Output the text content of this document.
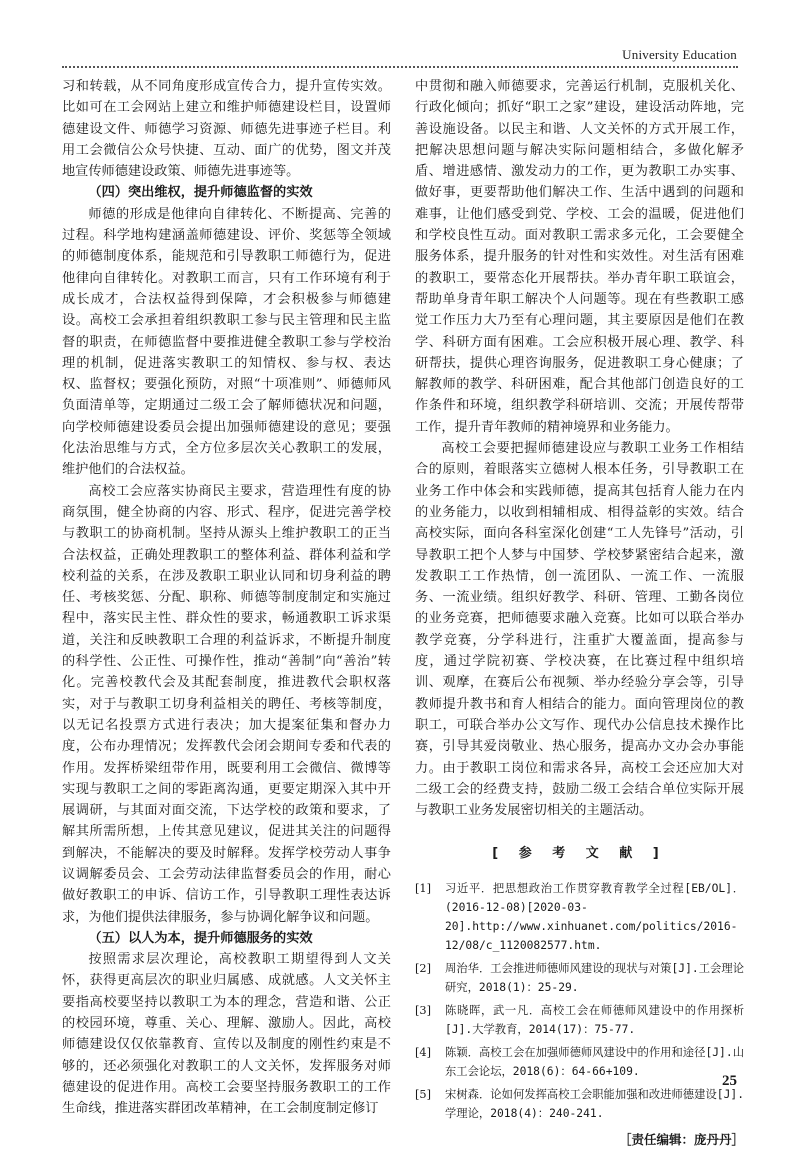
University Education

习和转载，从不同角度形成宣传合力，提升宣传实效。比如可在工会网站上建立和维护师德建设栏目，设置师德建设文件、师德学习资源、师德先进事迹子栏目。利用工会微信公众号快捷、互动、面广的优势，图文并茂地宣传师德建设政策、师德先进事迹等。

（四）突出维权，提升师德监督的实效

师德的形成是他律向自律转化、不断提高、完善的过程。科学地构建涵盖师德建设、评价、奖惩等全领域的师德制度体系，能规范和引导教职工师德行为，促进他律向自律转化。对教职工而言，只有工作环境有利于成长成才，合法权益得到保障，才会积极参与师德建设。高校工会承担着组织教职工参与民主管理和民主监督的职责，在师德监督中要推进健全教职工参与学校治理的机制，促进落实教职工的知情权、参与权、表达权、监督权；要强化预防，对照“十项准则”、师德师风负面清单等，定期通过二级工会了解师德状况和问题，向学校师德建设委员会提出加强师德建设的意见；要强化法治思维与方式，全方位多层次关心教职工的发展，维护他们的合法权益。

高校工会应落实协商民主要求，营造理性有度的协商氛围，健全协商的内容、形式、程序，促进完善学校与教职工的协商机制。坚持从源头上维护教职工的正当合法权益，正确处理教职工的整体利益、群体利益和学校利益的关系，在涉及教职工职业认同和切身利益的聘任、考核奖惩、分配、职称、师德等制度制定和实施过程中，落实民主性、群众性的要求，畅通教职工诉求渠道，关注和反映教职工合理的利益诉求，不断提升制度的科学性、公正性、可操作性，推动“善制”向“善治”转化。完善校教代会及其配套制度，推进教代会职权落实，对于与教职工切身利益相关的聘任、考核等制度，以无记名投票方式进行表决；加大提案征集和督办力度，公布办理情况；发挥教代会闭会期间专委和代表的作用。发挥桥梁纽带作用，既要利用工会微信、微博等实现与教职工之间的零距离沟通，更要定期深入其中开展调研，与其面对面交流，下达学校的政策和要求，了解其所需所想，上传其意见建议，促进其关注的问题得到解决，不能解决的要及时解释。发挥学校劳动人事争议调解委员会、工会劳动法律监督委员会的作用，耐心做好教职工的申诉、信访工作，引导教职工理性表达诉求，为他们提供法律服务，参与协调化解争议和问题。

（五）以人为本，提升师德服务的实效

按照需求层次理论，高校教职工期望得到人文关怀，获得更高层次的职业归属感、成就感。人文关怀主要指高校要坚持以教职工为本的理念，营造和谐、公正的校园环境，尊重、关心、理解、激励人。因此，高校师德建设仅仅依靠教育、宣传以及制度的刚性约束是不够的，还必须强化对教职工的人文关怀，发挥服务对师德建设的促进作用。高校工会要坚持服务教职工的工作生命线，推进落实群团改革精神，在工会制度制定修订

中贯彻和融入师德要求，完善运行机制，克服机关化、行政化倾向；抓好“职工之家”建设，建设活动阵地，完善设施设备。以民主和谐、人文关怀的方式开展工作，把解决思想问题与解决实际问题相结合，多做化解矛盾、增进感情、激发动力的工作，更为教职工办实事、做好事，更要帮助他们解决工作、生活中遇到的问题和难事，让他们感受到党、学校、工会的温暖，促进他们和学校良性互动。面对教职工需求多元化，工会要健全服务体系，提升服务的针对性和实效性。对生活有困难的教职工，要常态化开展帮扶。举办青年职工联谊会，帮助单身青年职工解决个人问题等。现在有些教职工感觉工作压力大乃至有心理问题，其主要原因是他们在教学、科研方面有困难。工会应积极开展心理、教学、科研帮扶，提供心理咨询服务，促进教职工身心健康；了解教师的教学、科研困难，配合其他部门创造良好的工作条件和环境，组织教学科研培训、交流；开展传帮带工作，提升青年教师的精神境界和业务能力。

高校工会要把握师德建设应与教职工业务工作相结合的原则，着眼落实立德树人根本任务，引导教职工在业务工作中体会和实践师德，提高其包括育人能力在内的业务能力，以收到相辅相成、相得益彰的实效。结合高校实际，面向各科室深化创建“工人先锋号”活动，引导教职工把个人梦与中国梦、学校梦紧密结合起来，激发教职工工作热情，创一流团队、一流工作、一流服务、一流业绩。组织好教学、科研、管理、工勤各岗位的业务竞赛，把师德要求融入竞赛。比如可以联合举办教学竞赛，分学科进行，注重扩大覆盖面，提高参与度，通过学院初赛、学校决赛，在比赛过程中组织培训、观摩，在赛后公布视频、举办经验分享会等，引导教师提升教书和育人相结合的能力。面向管理岗位的教职工，可联合举办公文写作、现代办公信息技术操作比赛，引导其爱岗敬业、热心服务，提高办文办会办事能力。由于教职工岗位和需求各异，高校工会还应加大对二级工会的经费支持，鼓励二级工会结合单位实际开展与教职工业务发展密切相关的主题活动。

[ 参 考 文 献 ]
[1]	习近平．把思想政治工作贯穿教育教学全过程[EB/OL]．(2016-12-08)[2020-03-20].http://www.xinhuanet.com/politics/2016-12/08/c_1120082577.htm.
[2]	周治华．工会推进师德师风建设的现状与对策[J].工会理论研究，2018(1)：25-29.
[3]	陈晓晖，武一凡．高校工会在师德师风建设中的作用探析[J].大学教育，2014(17)：75-77.
[4]	陈颖．高校工会在加强师德师风建设中的作用和途径[J].山东工会论坛，2018(6)：64-66+109.
[5]	宋树森．论如何发挥高校工会职能加强和改进师德建设[J].学理论，2018(4)：240-241.
［责任编辑：庞丹丹］
25
